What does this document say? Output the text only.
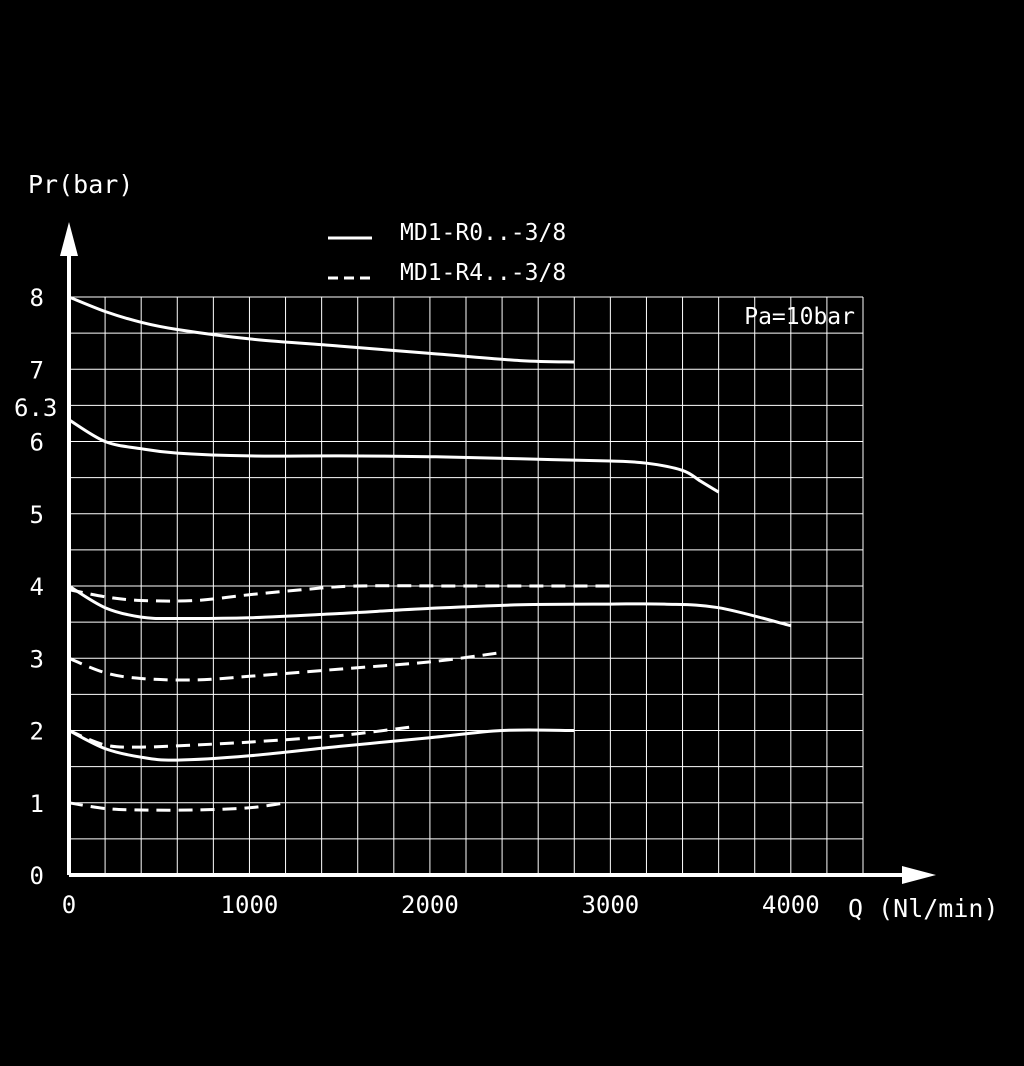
Pr(bar)
Q (Nl/min)
0	1000	2000	3000	4000
0
1
2
3
4
5
6
7
8
6.3
Pa=10bar
MD1-R0..-3/8
MD1-R4..-3/8
